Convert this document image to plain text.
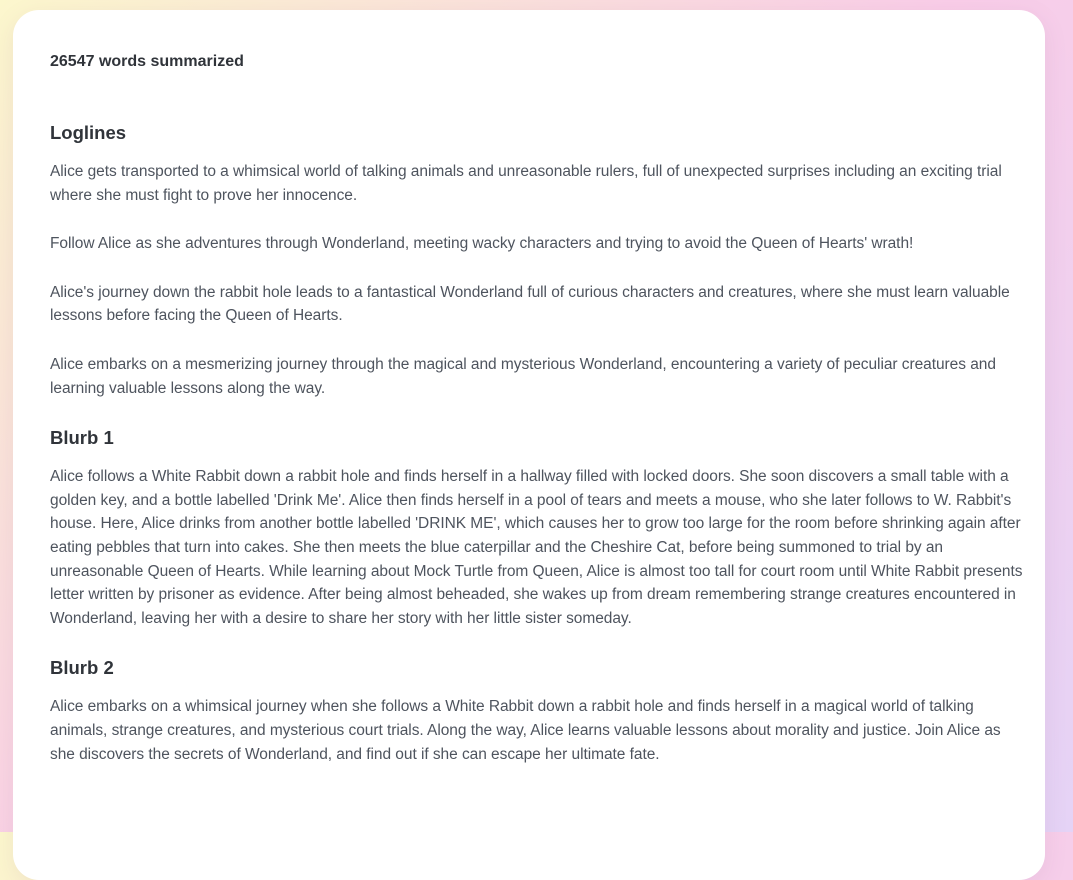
26547 words summarized
Loglines

Alice gets transported to a whimsical world of talking animals and unreasonable rulers, full of unexpected surprises including an exciting trial where she must fight to prove her innocence.

Follow Alice as she adventures through Wonderland, meeting wacky characters and trying to avoid the Queen of Hearts' wrath!

Alice's journey down the rabbit hole leads to a fantastical Wonderland full of curious characters and creatures, where she must learn valuable lessons before facing the Queen of Hearts.

Alice embarks on a mesmerizing journey through the magical and mysterious Wonderland, encountering a variety of peculiar creatures and learning valuable lessons along the way.

Blurb 1

Alice follows a White Rabbit down a rabbit hole and finds herself in a hallway filled with locked doors. She soon discovers a small table with a golden key, and a bottle labelled 'Drink Me'. Alice then finds herself in a pool of tears and meets a mouse, who she later follows to W. Rabbit's house. Here, Alice drinks from another bottle labelled 'DRINK ME', which causes her to grow too large for the room before shrinking again after eating pebbles that turn into cakes. She then meets the blue caterpillar and the Cheshire Cat, before being summoned to trial by an unreasonable Queen of Hearts. While learning about Mock Turtle from Queen, Alice is almost too tall for court room until White Rabbit presents letter written by prisoner as evidence. After being almost beheaded, she wakes up from dream remembering strange creatures encountered in Wonderland, leaving her with a desire to share her story with her little sister someday.

Blurb 2

Alice embarks on a whimsical journey when she follows a White Rabbit down a rabbit hole and finds herself in a magical world of talking animals, strange creatures, and mysterious court trials. Along the way, Alice learns valuable lessons about morality and justice. Join Alice as she discovers the secrets of Wonderland, and find out if she can escape her ultimate fate.
